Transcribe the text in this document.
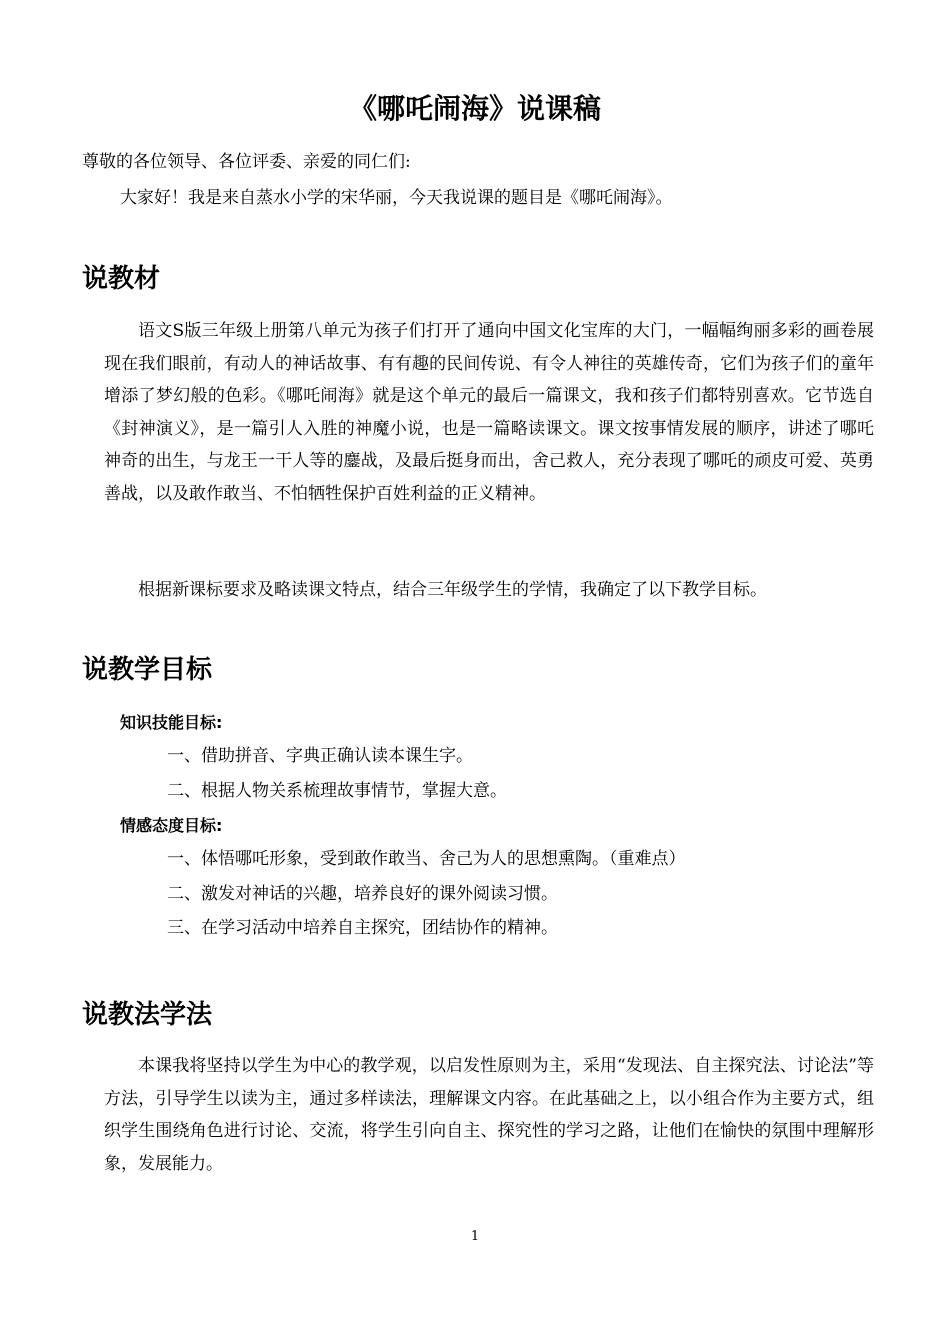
《哪吒闹海》说课稿
尊敬的各位领导、各位评委、亲爱的同仁们:
大家好！我是来自蒸水小学的宋华丽，今天我说课的题目是《哪吒闹海》。
说教材
语文S版三年级上册第八单元为孩子们打开了通向中国文化宝库的大门，一幅幅绚丽多彩的画卷展现在我们眼前，有动人的神话故事、有有趣的民间传说、有令人神往的英雄传奇，它们为孩子们的童年增添了梦幻般的色彩。《哪吒闹海》就是这个单元的最后一篇课文，我和孩子们都特别喜欢。它节选自《封神演义》，是一篇引人入胜的神魔小说，也是一篇略读课文。课文按事情发展的顺序，讲述了哪吒神奇的出生，与龙王一干人等的鏖战，及最后挺身而出，舍己救人，充分表现了哪吒的顽皮可爱、英勇善战，以及敢作敢当、不怕牺牲保护百姓利益的正义精神。
根据新课标要求及略读课文特点，结合三年级学生的学情，我确定了以下教学目标。
说教学目标
知识技能目标:
一、借助拼音、字典正确认读本课生字。
二、根据人物关系梳理故事情节，掌握大意。
情感态度目标:
一、体悟哪吒形象，受到敢作敢当、舍己为人的思想熏陶。（重难点）
二、激发对神话的兴趣，培养良好的课外阅读习惯。
三、在学习活动中培养自主探究，团结协作的精神。
说教法学法
本课我将坚持以学生为中心的教学观，以启发性原则为主，采用“发现法、自主探究法、讨论法”等方法，引导学生以读为主，通过多样读法，理解课文内容。在此基础之上，以小组合作为主要方式，组织学生围绕角色进行讨论、交流，将学生引向自主、探究性的学习之路，让他们在愉快的氛围中理解形象，发展能力。
1
